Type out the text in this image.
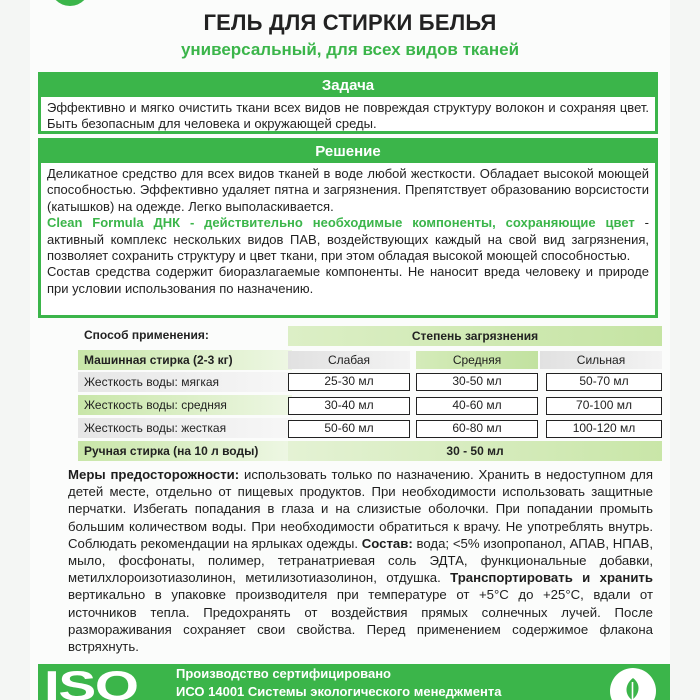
ГЕЛЬ ДЛЯ СТИРКИ БЕЛЬЯ
универсальный, для всех видов тканей
Задача
Эффективно и мягко очистить ткани всех видов не повреждая структуру волокон и сохраняя цвет. Быть безопасным для человека и окружающей среды.
Решение
Деликатное средство для всех видов тканей в воде любой жесткости. Обладает высокой моющей способностью. Эффективно удаляет пятна и загрязнения. Препятствует образованию ворсистости (катышков) на одежде. Легко выполаскивается.
Clean Formula ДНК - действительно необходимые компоненты, сохраняющие цвет - активный комплекс нескольких видов ПАВ, воздействующих каждый на свой вид загрязнения, позволяет сохранить структуру и цвет ткани, при этом обладая высокой моющей способностью.
Состав средства содержит биоразлагаемые компоненты. Не наносит вреда человеку и природе при условии использования по назначению.
Способ применения:	Степень загрязнения
Машинная стирка (2-3 кг)	Слабая	Средняя	Сильная
Жесткость воды: мягкая	25-30 мл	30-50 мл	50-70 мл
Жесткость воды: средняя	30-40 мл	40-60 мл	70-100 мл
Жесткость воды: жесткая	50-60 мл	60-80 мл	100-120 мл
Ручная стирка (на 10 л воды)	30 - 50 мл
Меры предосторожности: использовать только по назначению. Хранить в недоступном для детей месте, отдельно от пищевых продуктов. При необходимости использовать защитные перчатки. Избегать попадания в глаза и на слизистые оболочки. При попадании промыть большим количеством воды. При необходимости обратиться к врачу. Не употреблять внутрь. Соблюдать рекомендации на ярлыках одежды. Состав: вода; <5% изопропанол, АПАВ, НПАВ, мыло, фосфонаты, полимер, тетранатриевая соль ЭДТА, функциональные добавки, метилхлороизотиазолинон, метилизотиазолинон, отдушка. Транспортировать и хранить вертикально в упаковке производителя при температуре от +5°С до +25°С, вдали от источников тепла. Предохранять от воздействия прямых солнечных лучей. После размораживания сохраняет свои свойства. Перед применением содержимое флакона встряхнуть.
ISO	Производство сертифицировано
ИСО 14001 Системы экологического менеджмента
